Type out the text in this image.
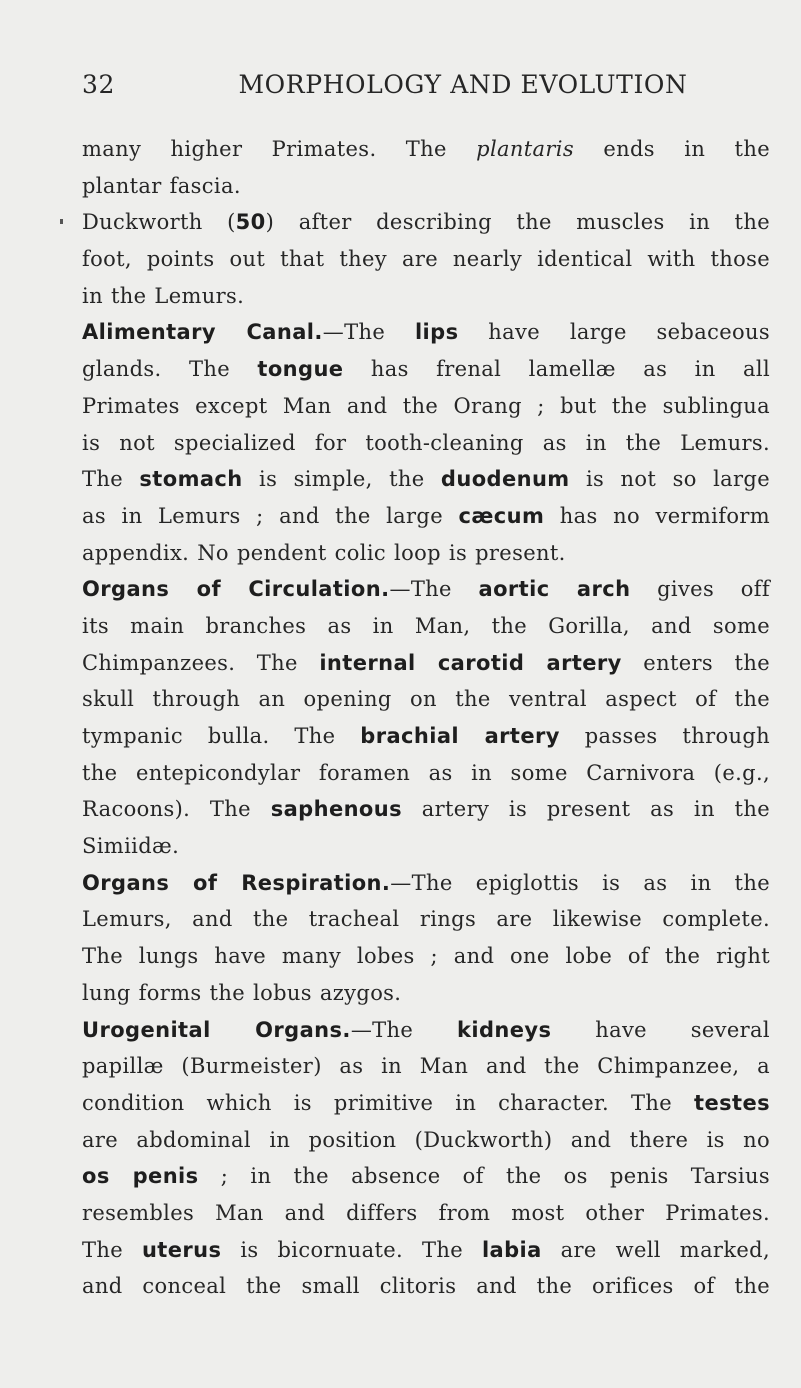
32	MORPHOLOGY AND EVOLUTION
many higher Primates. The plantaris ends in the
plantar fascia.
Duckworth (50) after describing the muscles in the
foot, points out that they are nearly identical with those
in the Lemurs.
Alimentary Canal.—The lips have large sebaceous
glands. The tongue has frenal lamellæ as in all
Primates except Man and the Orang ; but the sublingua
is not specialized for tooth-cleaning as in the Lemurs.
The stomach is simple, the duodenum is not so large
as in Lemurs ; and the large cæcum has no vermiform
appendix. No pendent colic loop is present.
Organs of Circulation.—The aortic arch gives off
its main branches as in Man, the Gorilla, and some
Chimpanzees. The internal carotid artery enters the
skull through an opening on the ventral aspect of the
tympanic bulla. The brachial artery passes through
the entepicondylar foramen as in some Carnivora (e.g.,
Racoons). The saphenous artery is present as in the
Simiidæ.
Organs of Respiration.—The epiglottis is as in the
Lemurs, and the tracheal rings are likewise complete.
The lungs have many lobes ; and one lobe of the right
lung forms the lobus azygos.
Urogenital Organs.—The kidneys have several
papillæ (Burmeister) as in Man and the Chimpanzee, a
condition which is primitive in character. The testes
are abdominal in position (Duckworth) and there is no
os penis ; in the absence of the os penis Tarsius
resembles Man and differs from most other Primates.
The uterus is bicornuate. The labia are well marked,
and conceal the small clitoris and the orifices of the
